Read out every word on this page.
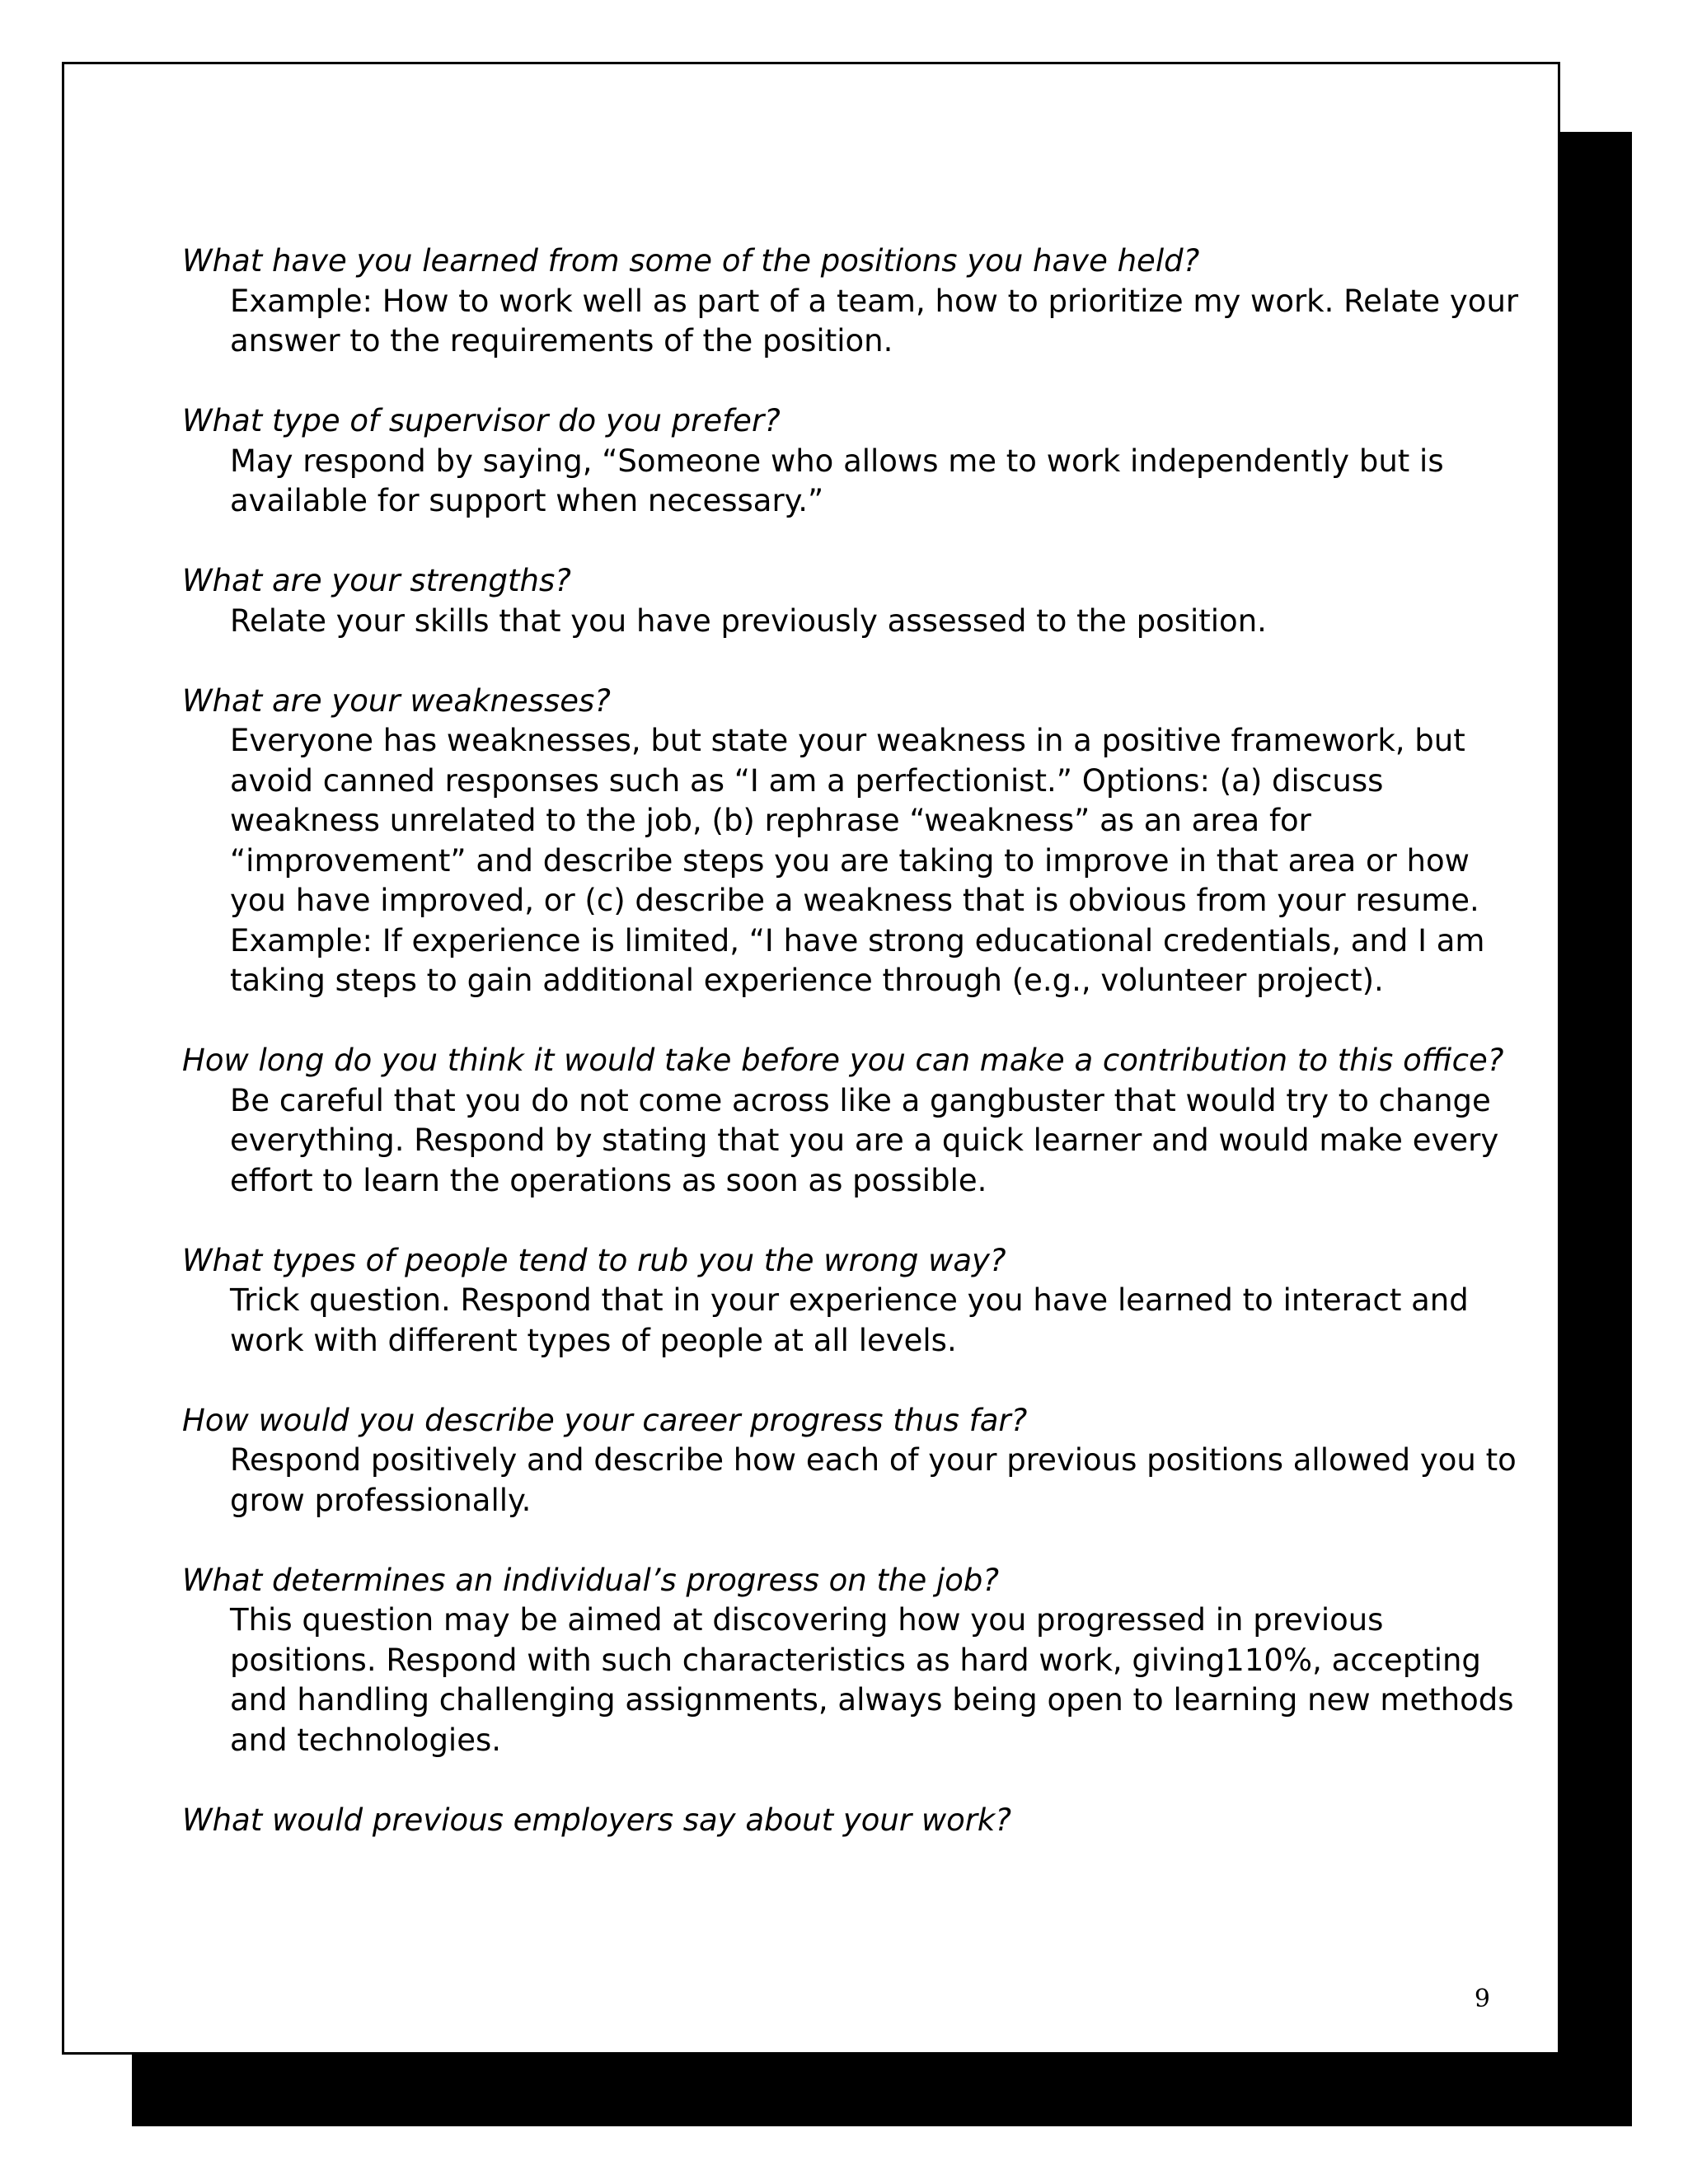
What have you learned from some of the positions you have held?

Example: How to work well as part of a team, how to prioritize my work. Relate your answer to the requirements of the position.

What type of supervisor do you prefer?

May respond by saying, “Someone who allows me to work independently but is available for support when necessary.”

What are your strengths?

Relate your skills that you have previously assessed to the position.

What are your weaknesses?

Everyone has weaknesses, but state your weakness in a positive framework, but avoid canned responses such as “I am a perfectionist.” Options: (a) discuss weakness unrelated to the job, (b) rephrase “weakness” as an area for “improvement” and describe steps you are taking to improve in that area or how you have improved, or (c) describe a weakness that is obvious from your resume. Example: If experience is limited, “I have strong educational credentials, and I am taking steps to gain additional experience through (e.g., volunteer project).

How long do you think it would take before you can make a contribution to this office?

Be careful that you do not come across like a gangbuster that would try to change everything. Respond by stating that you are a quick learner and would make every effort to learn the operations as soon as possible.

What types of people tend to rub you the wrong way?

Trick question. Respond that in your experience you have learned to interact and work with different types of people at all levels.

How would you describe your career progress thus far?

Respond positively and describe how each of your previous positions allowed you to grow professionally.

What determines an individual’s progress on the job?

This question may be aimed at discovering how you progressed in previous positions. Respond with such characteristics as hard work, giving110%, accepting and handling challenging assignments, always being open to learning new methods and technologies.

What would previous employers say about your work?

9
